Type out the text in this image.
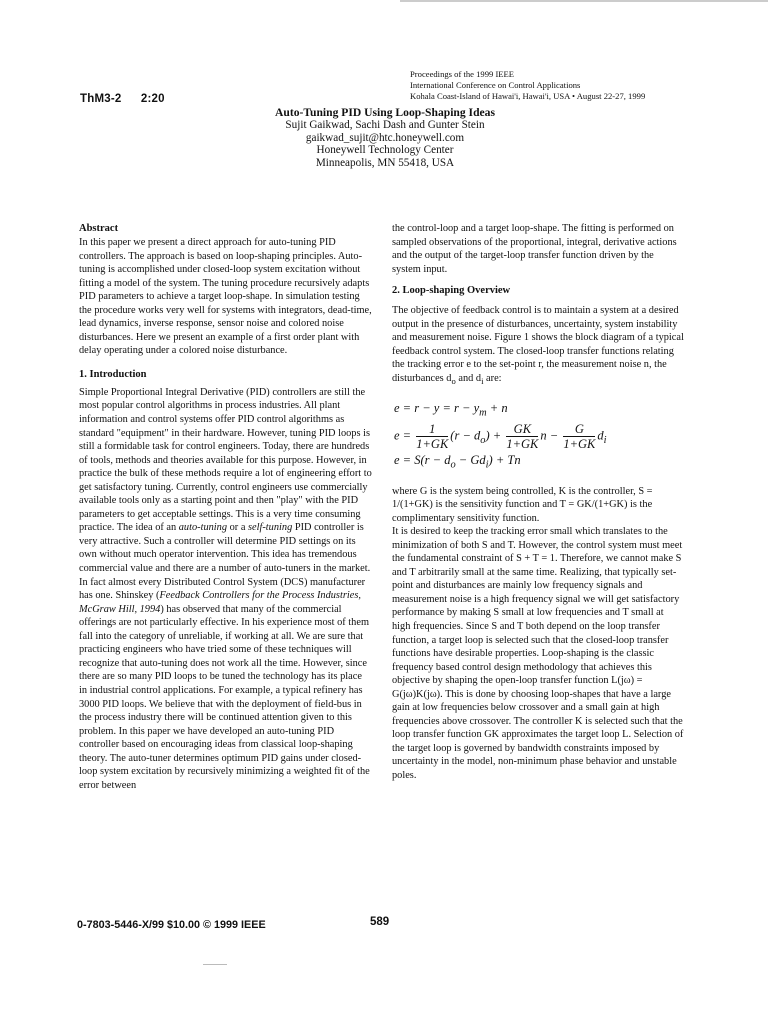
ThM3-2 2:20
Proceedings of the 1999 IEEE
International Conference on Control Applications
Kohala Coast-Island of Hawai'i, Hawai'i, USA • August 22-27, 1999
Auto-Tuning PID Using Loop-Shaping Ideas
Sujit Gaikwad, Sachi Dash and Gunter Stein
gaikwad_sujit@htc.honeywell.com
Honeywell Technology Center
Minneapolis, MN 55418, USA
Abstract

In this paper we present a direct approach for auto-tuning PID controllers. The approach is based on loop-shaping principles. Auto-tuning is accomplished under closed-loop system excitation without fitting a model of the system. The tuning procedure recursively adapts PID parameters to achieve a target loop-shape. In simulation testing the procedure works very well for systems with integrators, dead-time, lead dynamics, inverse response, sensor noise and colored noise disturbances. Here we present an example of a first order plant with delay operating under a colored noise disturbance.

1. Introduction

Simple Proportional Integral Derivative (PID) controllers are still the most popular control algorithms in process industries. All plant information and control systems offer PID control algorithms as standard "equipment" in their hardware. However, tuning PID loops is still a formidable task for control engineers. Today, there are hundreds of tools, methods and theories available for this purpose. However, in practice the bulk of these methods require a lot of engineering effort to get satisfactory tuning. Currently, control engineers use commercially available tools only as a starting point and then "play" with the PID parameters to get acceptable settings. This is a very time consuming practice. The idea of an auto-tuning or a self-tuning PID controller is very attractive. Such a controller will determine PID settings on its own without much operator intervention. This idea has tremendous commercial value and there are a number of auto-tuners in the market. In fact almost every Distributed Control System (DCS) manufacturer has one. Shinskey (Feedback Controllers for the Process Industries, McGraw Hill, 1994) has observed that many of the commercial offerings are not particularly effective. In his experience most of them fall into the category of unreliable, if working at all. We are sure that practicing engineers who have tried some of these techniques will recognize that auto-tuning does not work all the time. However, since there are so many PID loops to be tuned the technology has its place in industrial control applications. For example, a typical refinery has 3000 PID loops. We believe that with the deployment of field-bus in the process industry there will be continued attention given to this problem. In this paper we have developed an auto-tuning PID controller based on encouraging ideas from classical loop-shaping theory. The auto-tuner determines optimum PID gains under closed-loop system excitation by recursively minimizing a weighted fit of the error between

the control-loop and a target loop-shape. The fitting is performed on sampled observations of the proportional, integral, derivative actions and the output of the target-loop transfer function driven by the system input.

2. Loop-shaping Overview

The objective of feedback control is to maintain a system at a desired output in the presence of disturbances, uncertainty, system instability and measurement noise. Figure 1 shows the block diagram of a typical feedback control system. The closed-loop transfer functions relating the tracking error e to the set-point r, the measurement noise n, the disturbances $d_o$ and $d_i$ are:

$e = r - y = r - y_m + n$
$e = \frac{1}{1+GK} (r - d_o) + \frac{GK}{1+GK}$ $n - \frac{G}{1+GK} d_i$
$e = S(r - d_o - Gd_i) + Tn$

where G is the system being controlled, K is the controller, S = 1/(1+GK) is the sensitivity function and T = GK/(1+GK) is the complimentary sensitivity function.

It is desired to keep the tracking error small which translates to the minimization of both S and T. However, the control system must meet the fundamental constraint of S + T = 1. Therefore, we cannot make S and T arbitrarily small at the same time. Realizing, that typically set-point and disturbances are mainly low frequency signals and measurement noise is a high frequency signal we will get satisfactory performance by making S small at low frequencies and T small at high frequencies. Since S and T both depend on the loop transfer function, a target loop is selected such that the closed-loop transfer functions have desirable properties. Loop-shaping is the classic frequency based control design methodology that achieves this objective by shaping the open-loop transfer function L(jω) = G(jω)K(jω). This is done by choosing loop-shapes that have a large gain at low frequencies below crossover and a small gain at high frequencies above crossover. The controller K is selected such that the loop transfer function GK approximates the target loop L. Selection of the target loop is governed by bandwidth constraints imposed by uncertainty in the model, non-minimum phase behavior and unstable poles.

0-7803-5446-X/99 $10.00 © 1999 IEEE	589
